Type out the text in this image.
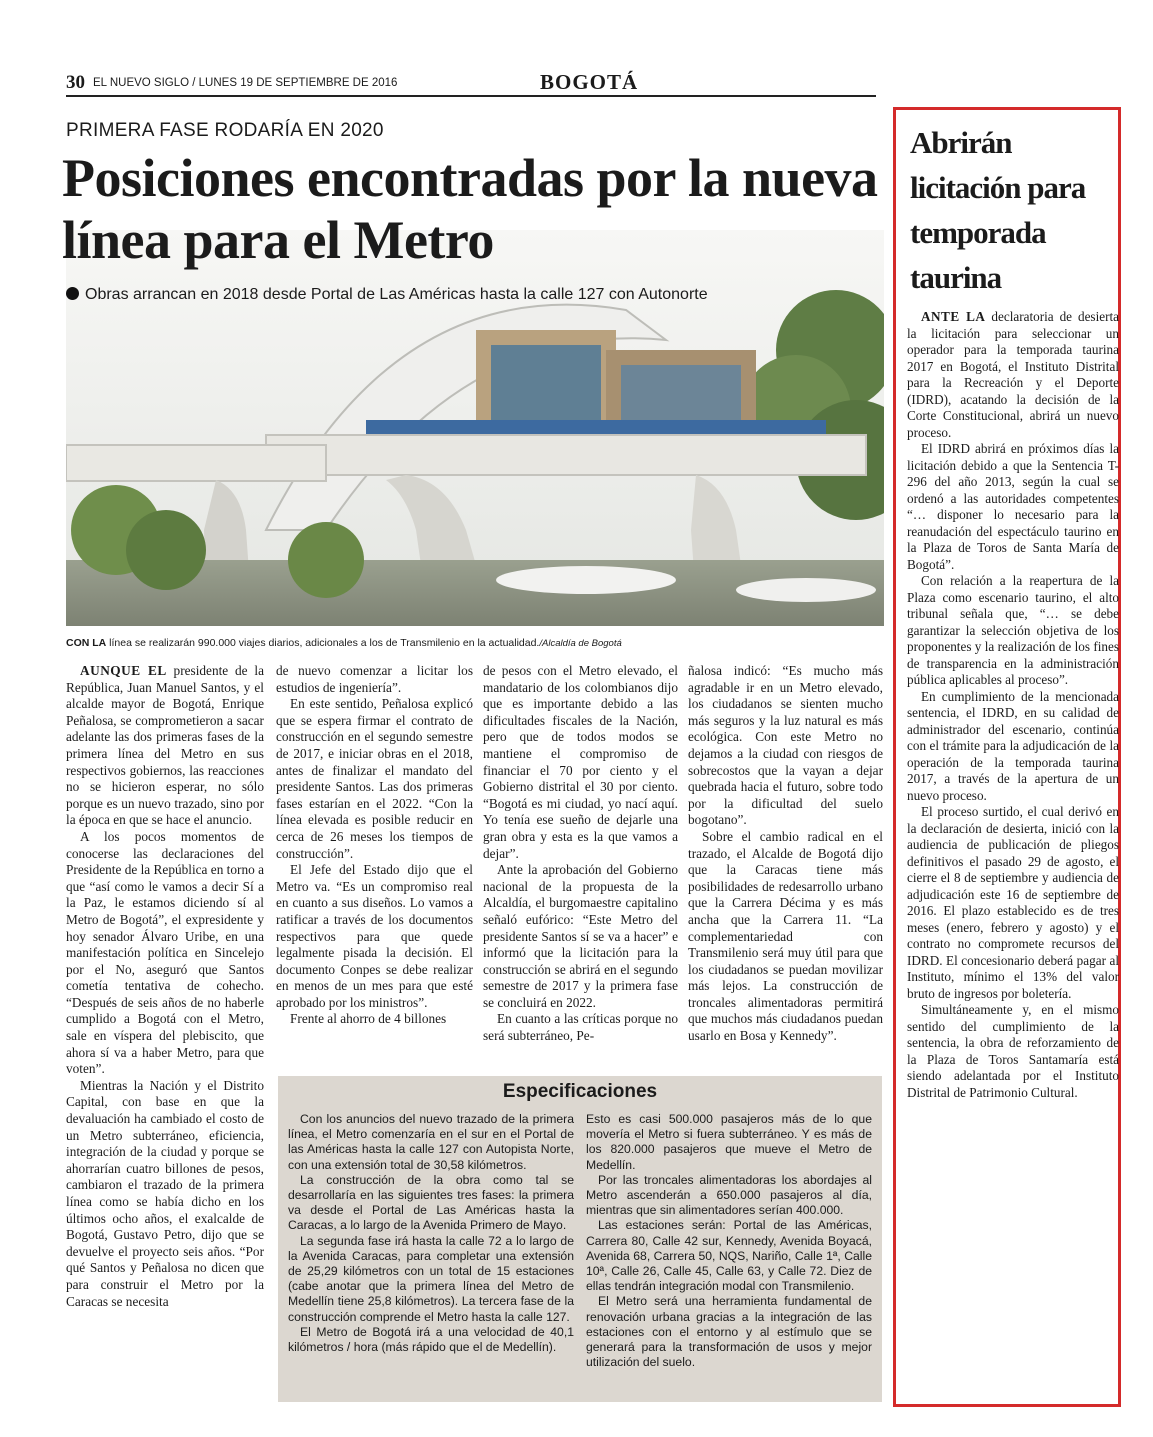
30 EL NUEVO SIGLO / LUNES 19 DE SEPTIEMBRE DE 2016	BOGOTÁ
PRIMERA FASE RODARÍA EN 2020
Posiciones encontradas por la nueva línea para el Metro
Obras arrancan en 2018 desde Portal de Las Américas hasta la calle 127 con Autonorte
CON LA línea se realizarán 990.000 viajes diarios, adicionales a los de Transmilenio en la actualidad./Alcaldía de Bogotá

AUNQUE EL presidente de la República, Juan Manuel Santos, y el alcalde mayor de Bogotá, Enrique Peñalosa, se comprometieron a sacar adelante las dos primeras fases de la primera línea del Metro en sus respectivos gobiernos, las reacciones no se hicieron esperar, no sólo porque es un nuevo trazado, sino por la época en que se hace el anuncio.

A los pocos momentos de conocerse las declaraciones del Presidente de la República en torno a que “así como le vamos a decir Sí a la Paz, le estamos diciendo sí al Metro de Bogotá”, el expresidente y hoy senador Álvaro Uribe, en una manifestación política en Sincelejo por el No, aseguró que Santos cometía tentativa de cohecho. “Después de seis años de no haberle cumplido a Bogotá con el Metro, sale en víspera del plebiscito, que ahora sí va a haber Metro, para que voten”.

Mientras la Nación y el Distrito Capital, con base en que la devaluación ha cambiado el costo de un Metro subterráneo, eficiencia, integración de la ciudad y porque se ahorrarían cuatro billones de pesos, cambiaron el trazado de la primera línea como se había dicho en los últimos ocho años, el exalcalde de Bogotá, Gustavo Petro, dijo que se devuelve el proyecto seis años. “Por qué Santos y Peñalosa no dicen que para construir el Metro por la Caracas se necesita

de nuevo comenzar a licitar los estudios de ingeniería”.

En este sentido, Peñalosa explicó que se espera firmar el contrato de construcción en el segundo semestre de 2017, e iniciar obras en el 2018, antes de finalizar el mandato del presidente Santos. Las dos primeras fases estarían en el 2022. “Con la línea elevada es posible reducir en cerca de 26 meses los tiempos de construcción”.

El Jefe del Estado dijo que el Metro va. “Es un compromiso real en cuanto a sus diseños. Lo vamos a ratificar a través de los documentos respectivos para que quede legalmente pisada la decisión. El documento Conpes se debe realizar en menos de un mes para que esté aprobado por los ministros”.

Frente al ahorro de 4 billones

de pesos con el Metro elevado, el mandatario de los colombianos dijo que es importante debido a las dificultades fiscales de la Nación, pero que de todos modos se mantiene el compromiso de financiar el 70 por ciento y el Gobierno distrital el 30 por ciento. “Bogotá es mi ciudad, yo nací aquí. Yo tenía ese sueño de dejarle una gran obra y esta es la que vamos a dejar”.

Ante la aprobación del Gobierno nacional de la propuesta de la Alcaldía, el burgomaestre capitalino señaló eufórico: “Este Metro del presidente Santos sí se va a hacer” e informó que la licitación para la construcción se abrirá en el segundo semestre de 2017 y la primera fase se concluirá en 2022.

En cuanto a las críticas porque no será subterráneo, Pe-

ñalosa indicó: “Es mucho más agradable ir en un Metro elevado, los ciudadanos se sienten mucho más seguros y la luz natural es más ecológica. Con este Metro no dejamos a la ciudad con riesgos de sobrecostos que la vayan a dejar quebrada hacia el futuro, sobre todo por la dificultad del suelo bogotano”.

Sobre el cambio radical en el trazado, el Alcalde de Bogotá dijo que la Caracas tiene más posibilidades de redesarrollo urbano que la Carrera Décima y es más ancha que la Carrera 11. “La complementariedad con Transmilenio será muy útil para que los ciudadanos se puedan movilizar más lejos. La construcción de troncales alimentadoras permitirá que muchos más ciudadanos puedan usarlo en Bosa y Kennedy”.

Especificaciones

Con los anuncios del nuevo trazado de la primera línea, el Metro comenzaría en el sur en el Portal de las Américas hasta la calle 127 con Autopista Norte, con una extensión total de 30,58 kilómetros.

La construcción de la obra como tal se desarrollaría en las siguientes tres fases: la primera va desde el Portal de Las Américas hasta la Caracas, a lo largo de la Avenida Primero de Mayo.

La segunda fase irá hasta la calle 72 a lo largo de la Avenida Caracas, para completar una extensión de 25,29 kilómetros con un total de 15 estaciones (cabe anotar que la primera línea del Metro de Medellín tiene 25,8 kilómetros). La tercera fase de la construcción comprende el Metro hasta la calle 127.

El Metro de Bogotá irá a una velocidad de 40,1 kilómetros / hora (más rápido que el de Medellín).

Esto es casi 500.000 pasajeros más de lo que movería el Metro si fuera subterráneo. Y es más de los 820.000 pasajeros que mueve el Metro de Medellín.

Por las troncales alimentadoras los abordajes al Metro ascenderán a 650.000 pasajeros al día, mientras que sin alimentadores serían 400.000.

Las estaciones serán: Portal de las Américas, Carrera 80, Calle 42 sur, Kennedy, Avenida Boyacá, Avenida 68, Carrera 50, NQS, Nariño, Calle 1ª, Calle 10ª, Calle 26, Calle 45, Calle 63, y Calle 72. Diez de ellas tendrán integración modal con Transmilenio.

El Metro será una herramienta fundamental de renovación urbana gracias a la integración de las estaciones con el entorno y al estímulo que se generará para la transformación de usos y mejor utilización del suelo.

Abrirán licitación para temporada taurina

ANTE LA declaratoria de desierta la licitación para seleccionar un operador para la temporada taurina 2017 en Bogotá, el Instituto Distrital para la Recreación y el Deporte (IDRD), acatando la decisión de la Corte Constitucional, abrirá un nuevo proceso.

El IDRD abrirá en próximos días la licitación debido a que la Sentencia T-296 del año 2013, según la cual se ordenó a las autoridades competentes “… disponer lo necesario para la reanudación del espectáculo taurino en la Plaza de Toros de Santa María de Bogotá”.

Con relación a la reapertura de la Plaza como escenario taurino, el alto tribunal señala que, “… se debe garantizar la selección objetiva de los proponentes y la realización de los fines de transparencia en la administración pública aplicables al proceso”.

En cumplimiento de la mencionada sentencia, el IDRD, en su calidad de administrador del escenario, continúa con el trámite para la adjudicación de la operación de la temporada taurina 2017, a través de la apertura de un nuevo proceso.

El proceso surtido, el cual derivó en la declaración de desierta, inició con la audiencia de publicación de pliegos definitivos el pasado 29 de agosto, el cierre el 8 de septiembre y audiencia de adjudicación este 16 de septiembre de 2016. El plazo establecido es de tres meses (enero, febrero y agosto) y el contrato no compromete recursos del IDRD. El concesionario deberá pagar al Instituto, mínimo el 13% del valor bruto de ingresos por boletería.

Simultáneamente y, en el mismo sentido del cumplimiento de la sentencia, la obra de reforzamiento de la Plaza de Toros Santamaría está siendo adelantada por el Instituto Distrital de Patrimonio Cultural.
